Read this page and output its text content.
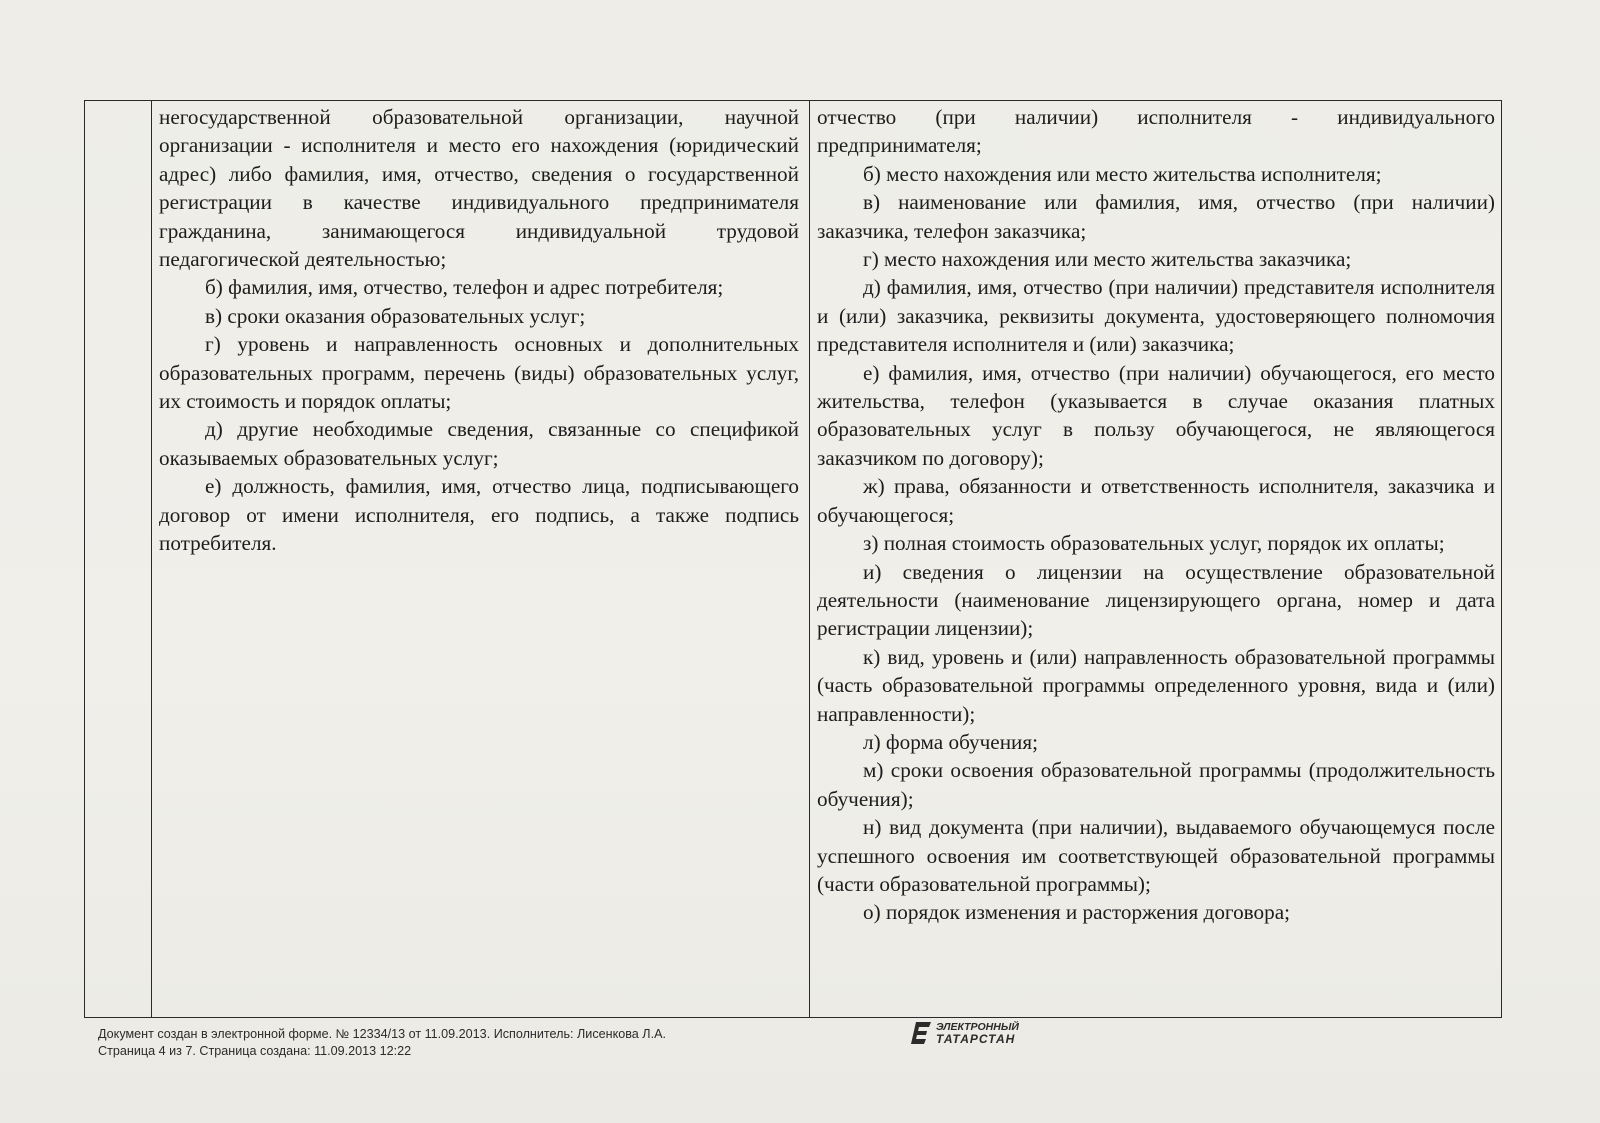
негосударственной образовательной организации, научной организации - исполнителя и место его нахождения (юридический адрес) либо фамилия, имя, отчество, сведения о государственной регистрации в качестве индивидуального предпринимателя гражданина, занимающегося индивидуальной трудовой педагогической деятельностью;

б) фамилия, имя, отчество, телефон и адрес потребителя;

в) сроки оказания образовательных услуг;

г) уровень и направленность основных и дополнительных образовательных программ, перечень (виды) образовательных услуг, их стоимость и порядок оплаты;

д) другие необходимые сведения, связанные со спецификой оказываемых образовательных услуг;

е) должность, фамилия, имя, отчество лица, подписывающего договор от имени исполнителя, его подпись, а также подпись потребителя.

отчество (при наличии) исполнителя - индивидуального предпринимателя;

б) место нахождения или место жительства исполнителя;

в) наименование или фамилия, имя, отчество (при наличии) заказчика, телефон заказчика;

г) место нахождения или место жительства заказчика;

д) фамилия, имя, отчество (при наличии) представителя исполнителя и (или) заказчика, реквизиты документа, удостоверяющего полномочия представителя исполнителя и (или) заказчика;

е) фамилия, имя, отчество (при наличии) обучающегося, его место жительства, телефон (указывается в случае оказания платных образовательных услуг в пользу обучающегося, не являющегося заказчиком по договору);

ж) права, обязанности и ответственность исполнителя, заказчика и обучающегося;

з) полная стоимость образовательных услуг, порядок их оплаты;

и) сведения о лицензии на осуществление образовательной деятельности (наименование лицензирующего органа, номер и дата регистрации лицензии);

к) вид, уровень и (или) направленность образовательной программы (часть образовательной программы определенного уровня, вида и (или) направленности);

л) форма обучения;

м) сроки освоения образовательной программы (продолжительность обучения);

н) вид документа (при наличии), выдаваемого обучающемуся после успешного освоения им соответствующей образовательной программы (части образовательной программы);

о) порядок изменения и расторжения договора;

Документ создан в электронной форме. № 12334/13 от 11.09.2013. Исполнитель: Лисенкова Л.А.
Страница 4 из 7. Страница создана: 11.09.2013 12:22
ЭЛЕКТРОННЫЙ
ТАТАРСТАН
